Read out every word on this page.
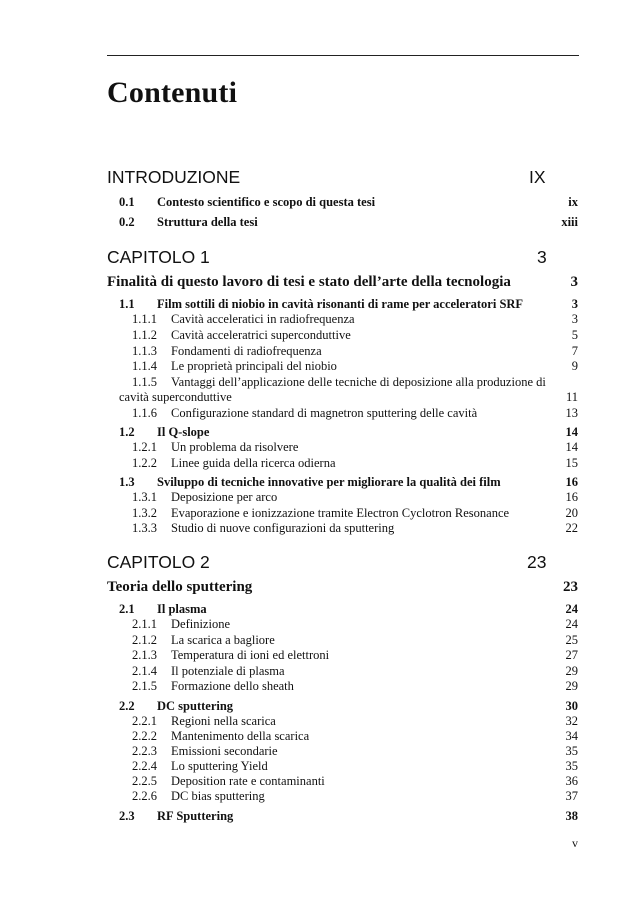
Contenuti
INTRODUZIONE	IX
0.1 Contesto scientifico e scopo di questa tesi	ix
0.2 Struttura della tesi	xiii
CAPITOLO 1	3
Finalità di questo lavoro di tesi e stato dell’arte della tecnologia	3
1.1 Film sottili di niobio in cavità risonanti di rame per acceleratori SRF	3
1.1.1 Cavità acceleratici in radiofrequenza	3
1.1.2 Cavità acceleratrici superconduttive	5
1.1.3 Fondamenti di radiofrequenza	7
1.1.4 Le proprietà principali del niobio	9
1.1.5 Vantaggi dell’applicazione delle tecniche di deposizione alla produzione di
cavità superconduttive	11
1.1.6 Configurazione standard di magnetron sputtering delle cavità	13
1.2 Il Q-slope	14
1.2.1 Un problema da risolvere	14
1.2.2 Linee guida della ricerca odierna	15
1.3 Sviluppo di tecniche innovative per migliorare la qualità dei film	16
1.3.1 Deposizione per arco	16
1.3.2 Evaporazione e ionizzazione tramite Electron Cyclotron Resonance	20
1.3.3 Studio di nuove configurazioni da sputtering	22
CAPITOLO 2	23
Teoria dello sputtering	23
2.1 Il plasma	24
2.1.1 Definizione	24
2.1.2 La scarica a bagliore	25
2.1.3 Temperatura di ioni ed elettroni	27
2.1.4 Il potenziale di plasma	29
2.1.5 Formazione dello sheath	29
2.2 DC sputtering	30
2.2.1 Regioni nella scarica	32
2.2.2 Mantenimento della scarica	34
2.2.3 Emissioni secondarie	35
2.2.4 Lo sputtering Yield	35
2.2.5 Deposition rate e contaminanti	36
2.2.6 DC bias sputtering	37
2.3 RF Sputtering	38
v
